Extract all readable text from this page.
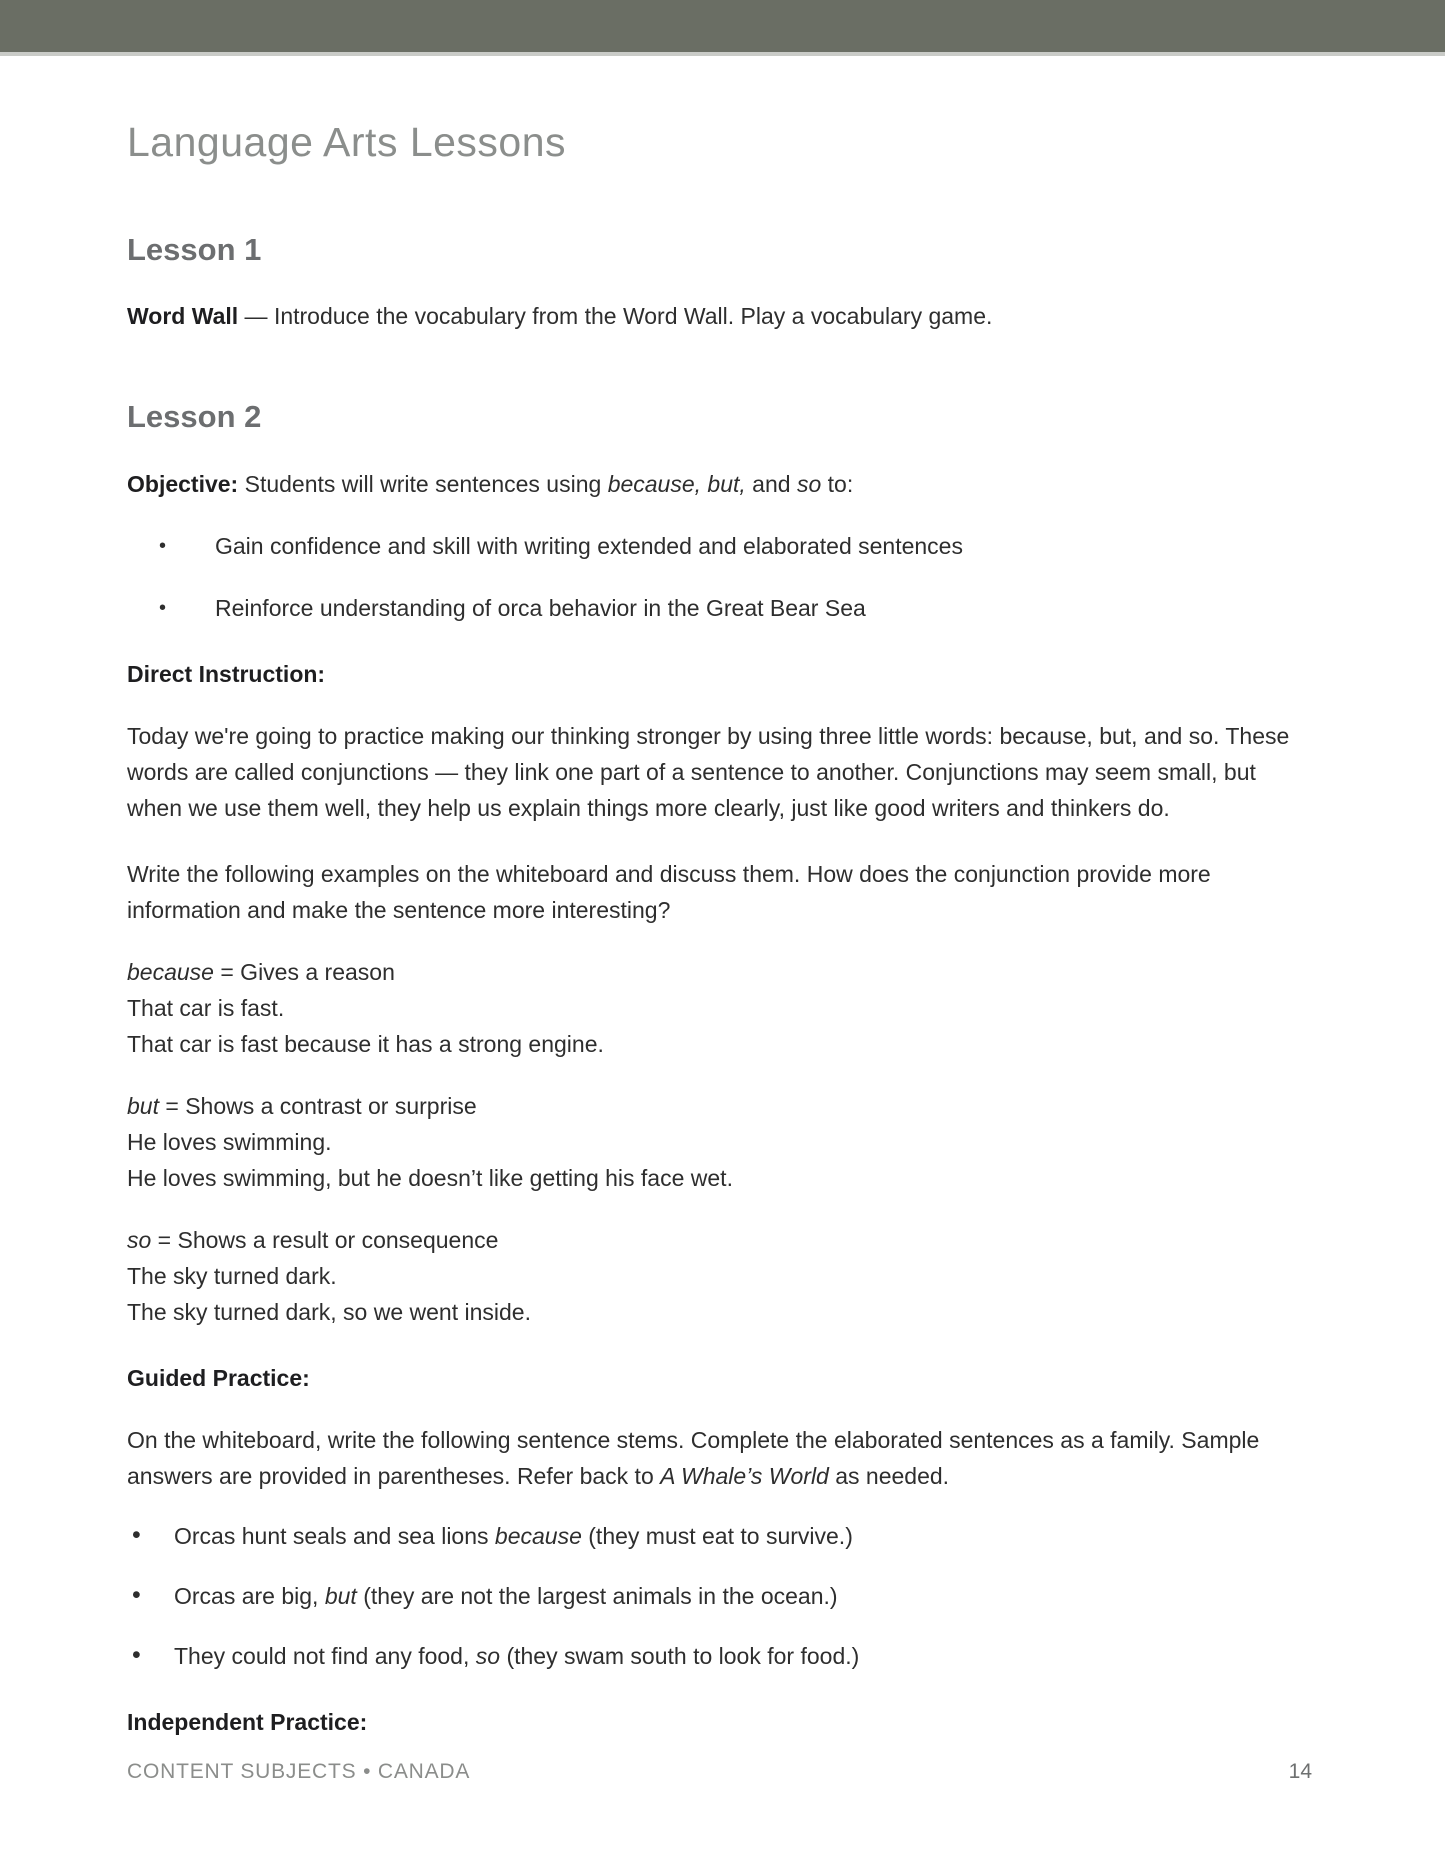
Language Arts Lessons
Lesson 1

Word Wall — Introduce the vocabulary from the Word Wall. Play a vocabulary game.

Lesson 2

Objective: Students will write sentences using because, but, and so to:

• Gain confidence and skill with writing extended and elaborated sentences
• Reinforce understanding of orca behavior in the Great Bear Sea

Direct Instruction:

Today we're going to practice making our thinking stronger by using three little words: because, but, and so. These words are called conjunctions — they link one part of a sentence to another. Conjunctions may seem small, but when we use them well, they help us explain things more clearly, just like good writers and thinkers do.

Write the following examples on the whiteboard and discuss them. How does the conjunction provide more information and make the sentence more interesting?

because = Gives a reason
That car is fast.
That car is fast because it has a strong engine.
but = Shows a contrast or surprise
He loves swimming.
He loves swimming, but he doesn’t like getting his face wet.
so = Shows a result or consequence
The sky turned dark.
The sky turned dark, so we went inside.

Guided Practice:

On the whiteboard, write the following sentence stems. Complete the elaborated sentences as a family. Sample answers are provided in parentheses. Refer back to A Whale’s World as needed.

• Orcas hunt seals and sea lions because (they must eat to survive.)
• Orcas are big, but (they are not the largest animals in the ocean.)
• They could not find any food, so (they swam south to look for food.)

Independent Practice:

CONTENT SUBJECTS • CANADA	14
